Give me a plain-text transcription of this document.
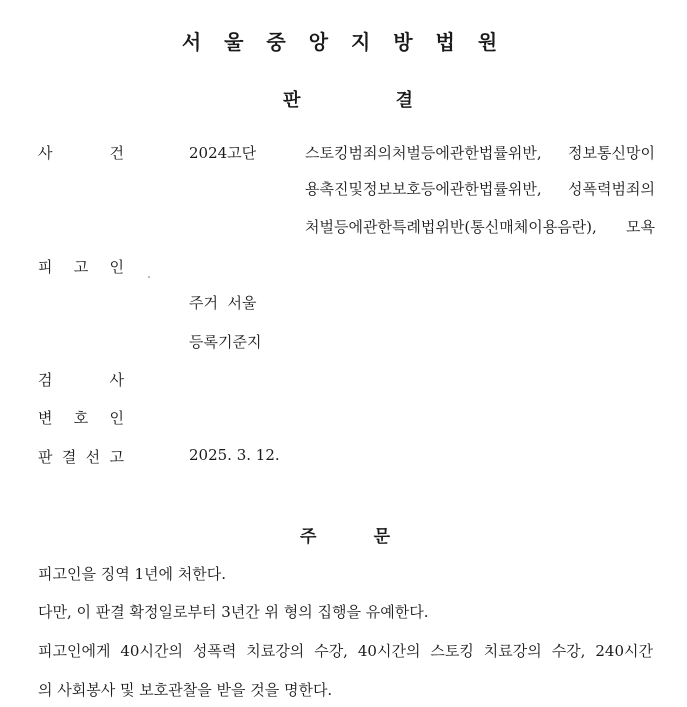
서 울 중 앙 지 방 법 원
판	결
사	건	2024고단	스토킹범죄의처벌등에관한법률위반, 정보통신망이
용촉진및정보보호등에관한법률위반, 성폭력범죄의
처벌등에관한특례법위반(통신매체이용음란), 모욕
피 고 인
주거  서울
등록기준지
검	사
변 호 인
판 결 선 고	2025. 3. 12.
주	문
피고인을 징역 1년에 처한다.
다만, 이 판결 확정일로부터 3년간 위 형의 집행을 유예한다.
피고인에게 40시간의 성폭력 치료강의 수강, 40시간의 스토킹 치료강의 수강, 240시간
의 사회봉사 및 보호관찰을 받을 것을 명한다.
